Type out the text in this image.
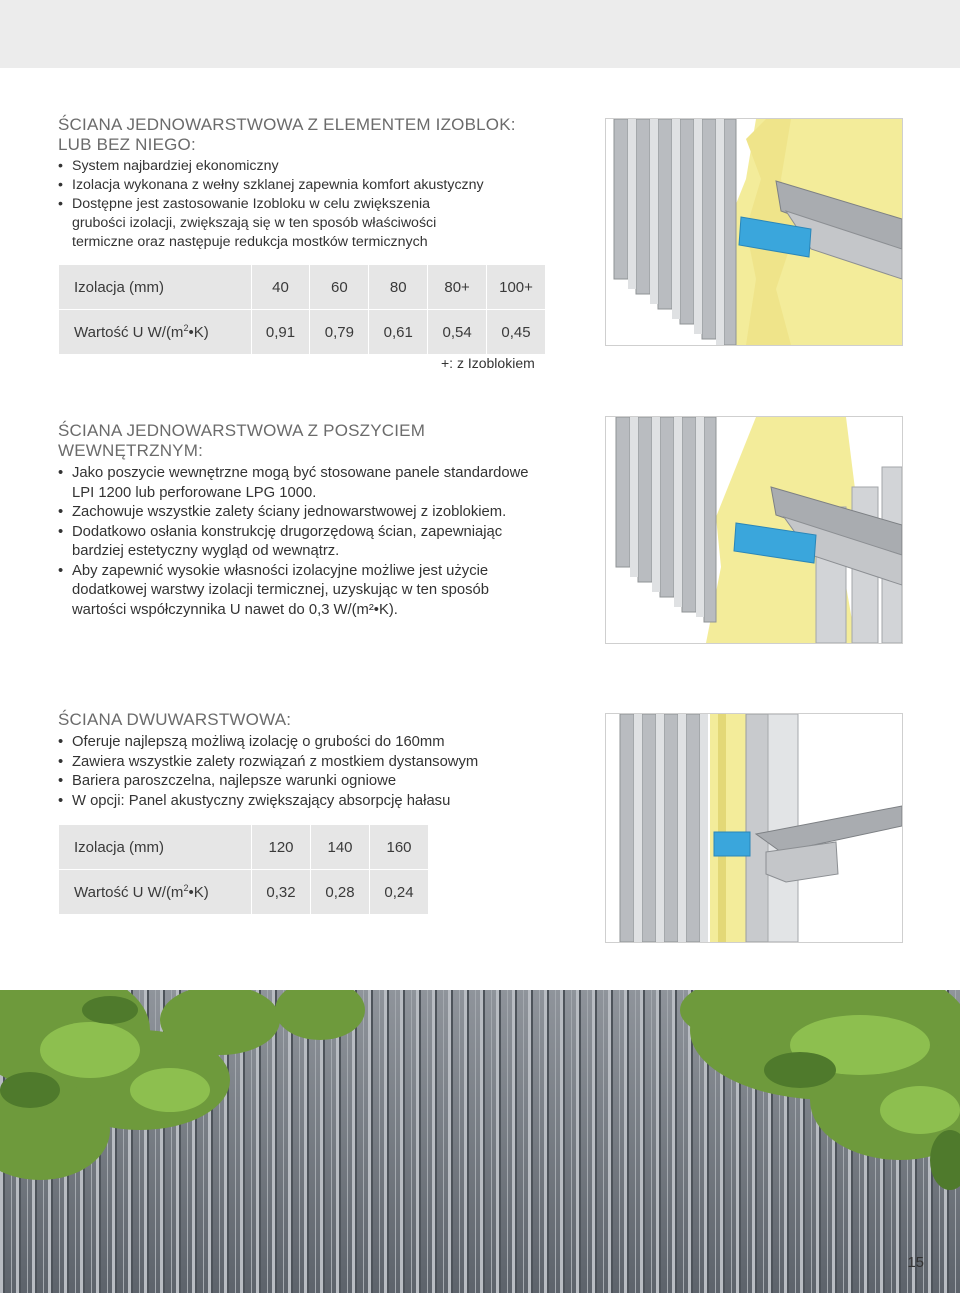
ŚCIANA JEDNOWARSTWOWA Z ELEMENTEM IZOBLOK:
LUB BEZ NIEGO:
• System najbardziej ekonomiczny
• Izolacja wykonana z wełny szklanej zapewnia komfort akustyczny
• Dostępne jest zastosowanie Izobloku w celu zwiększenia
grubości izolacji, zwiększają się w ten sposób właściwości
termiczne oraz następuje redukcja mostków termicznych
Izolacja (mm)	40	60	80	80+	100+
Wartość U $W/(m^2•K)$	0,91	0,79	0,61	0,54	0,45
+: z Izoblokiem
ŚCIANA JEDNOWARSTWOWA Z POSZYCIEM
WEWNĘTRZNYM:
• Jako poszycie wewnętrzne mogą być stosowane panele standardowe
LPI 1200 lub perforowane LPG 1000.
• Zachowuje wszystkie zalety ściany jednowarstwowej z izoblokiem.
• Dodatkowo osłania konstrukcję drugorzędową ścian, zapewniając
bardziej estetyczny wygląd od wewnątrz.
• Aby zapewnić wysokie własności izolacyjne możliwe jest użycie
dodatkowej warstwy izolacji termicznej, uzyskując w ten sposób
wartości współczynnika U nawet do 0,3 W/(m²•K).
ŚCIANA DWUWARSTWOWA:
• Oferuje najlepszą możliwą izolację o grubości do 160mm
• Zawiera wszystkie zalety rozwiązań z mostkiem dystansowym
• Bariera paroszczelna, najlepsze warunki ogniowe
• W opcji: Panel akustyczny zwiększający absorpcję hałasu
Izolacja (mm)	120	140	160
Wartość U $W/(m^2•K)$	0,32	0,28	0,24
15
